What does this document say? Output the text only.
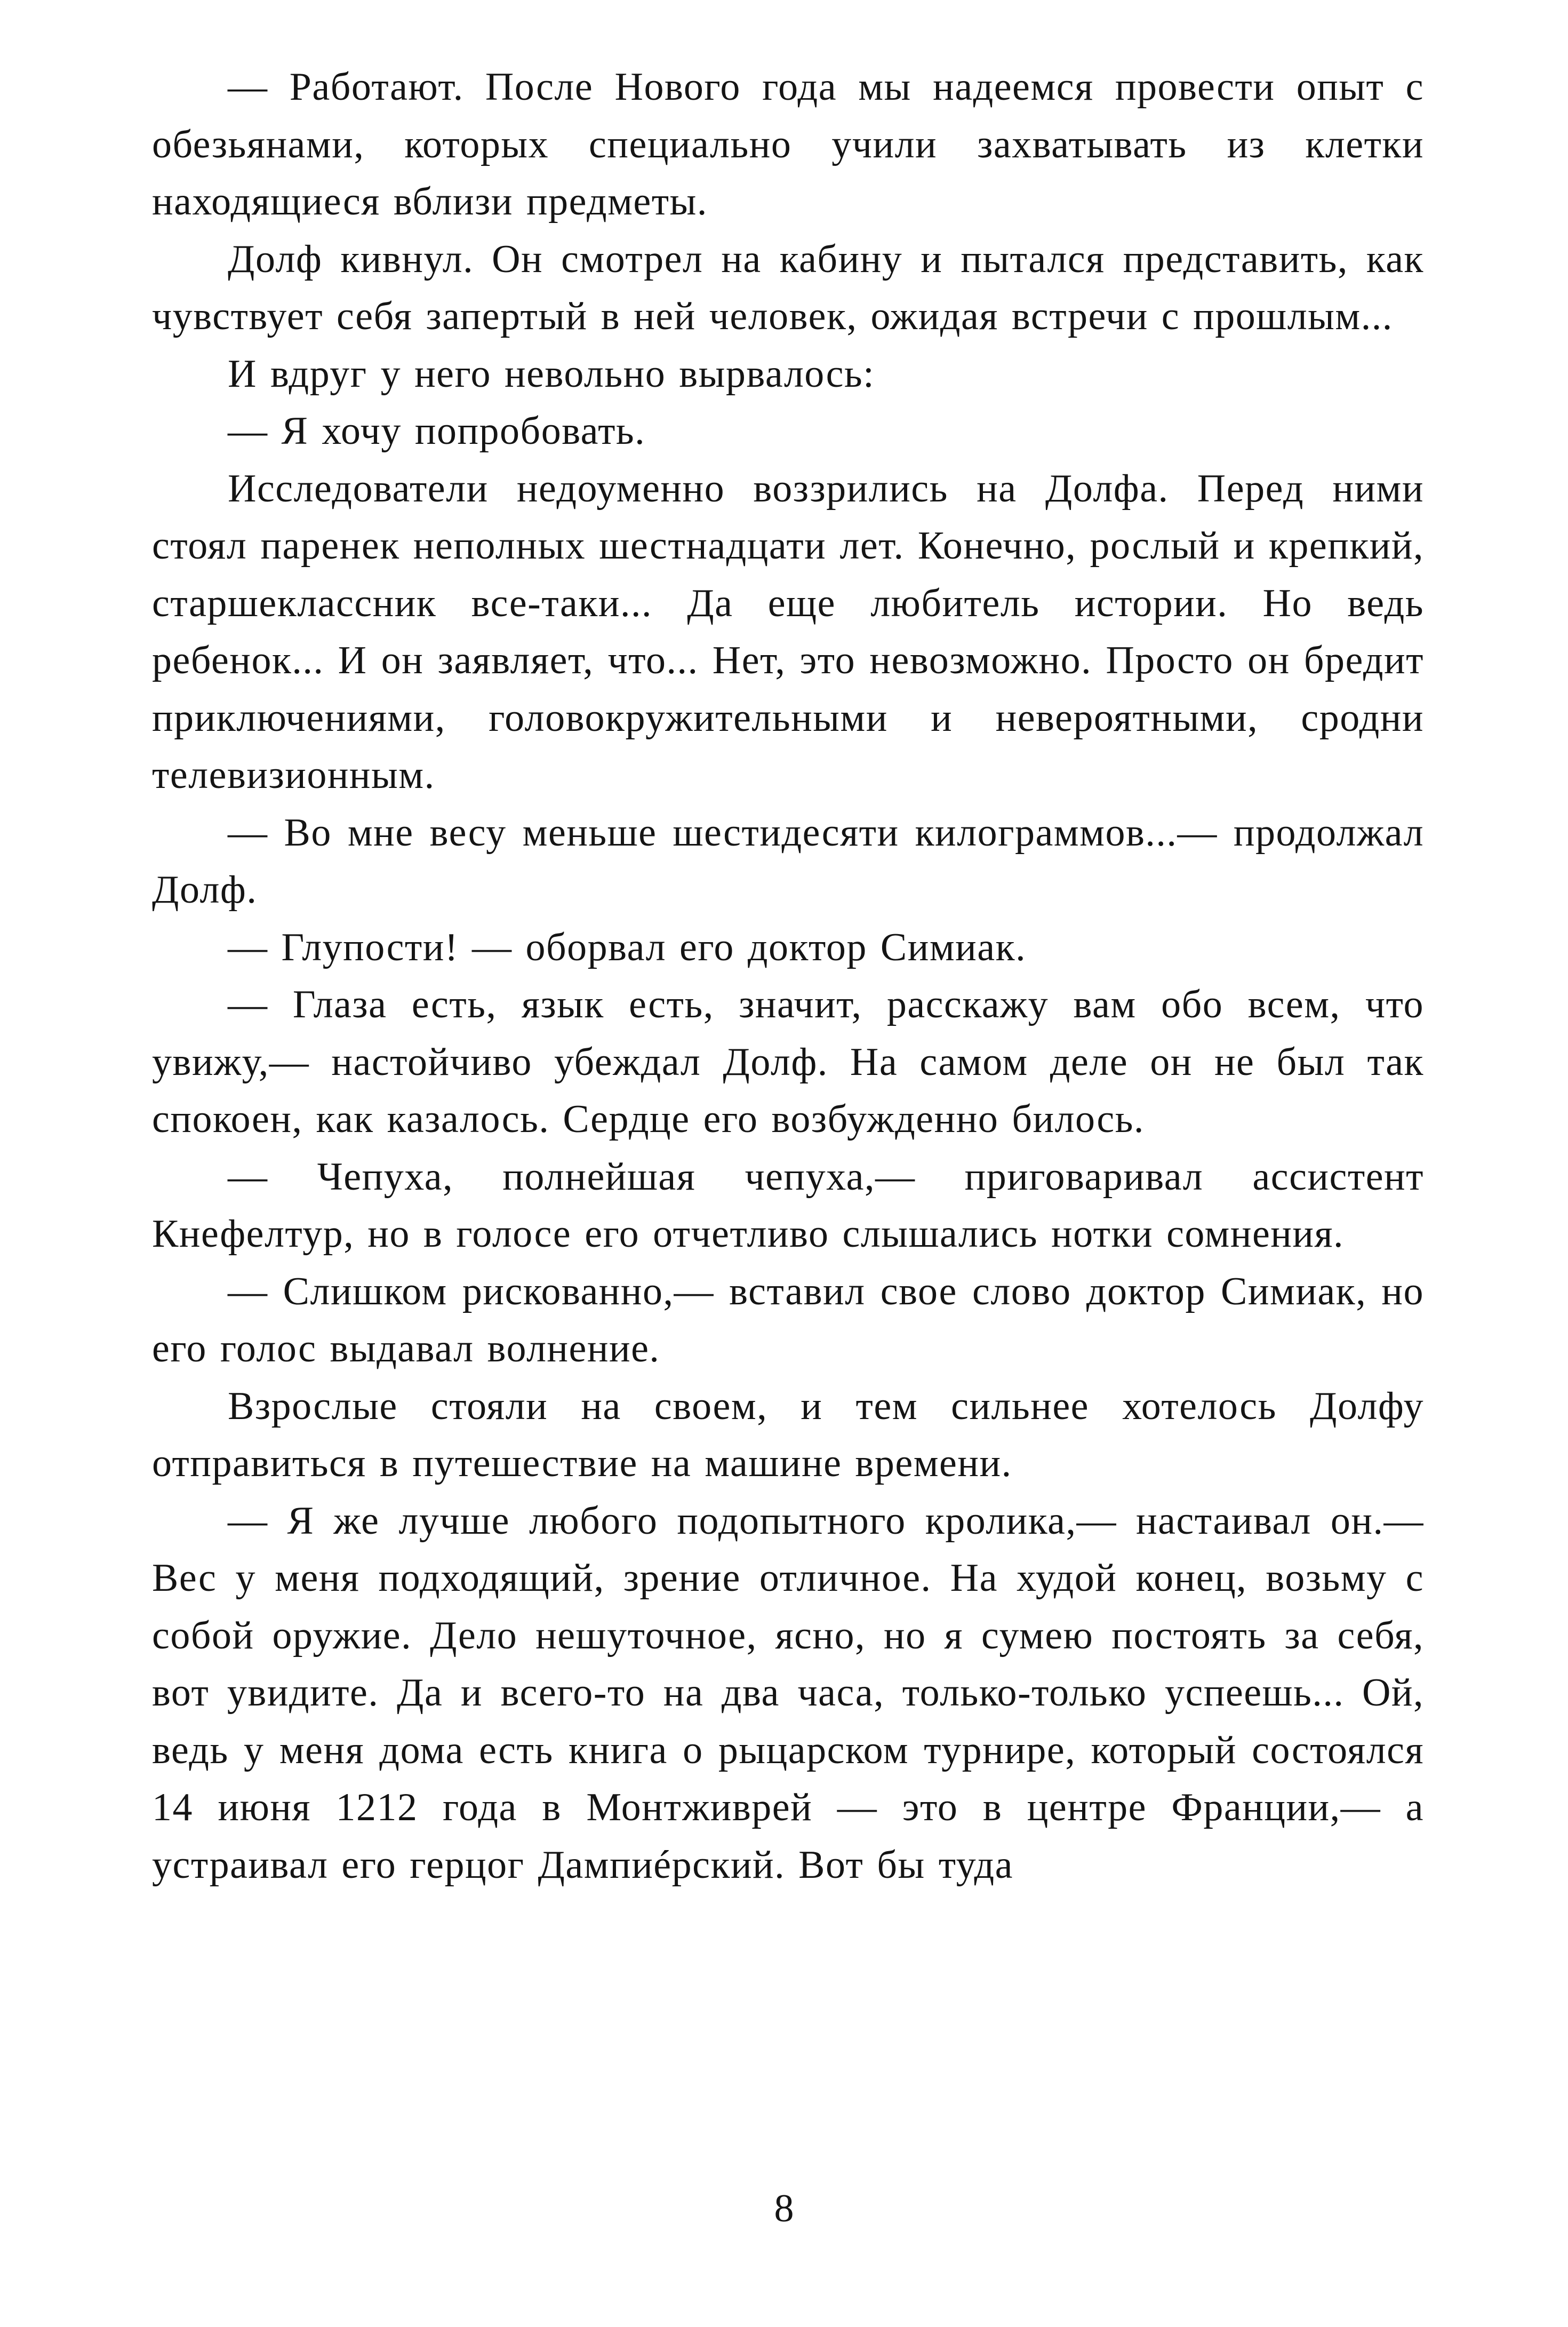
— Работают. После Нового года мы надеемся провести опыт с обезьянами, которых специально учили захватывать из клетки находящиеся вблизи предметы.

Долф кивнул. Он смотрел на кабину и пытался представить, как чувствует себя запертый в ней человек, ожидая встречи с прошлым...

И вдруг у него невольно вырвалось:

— Я хочу попробовать.

Исследователи недоуменно воззрились на Долфа. Перед ними стоял паренек неполных шестнадцати лет. Конечно, рослый и крепкий, старшеклассник все-таки... Да еще любитель истории. Но ведь ребенок... И он заявляет, что... Нет, это невозможно. Просто он бредит приключениями, головокружительными и невероятными, сродни телевизионным.

— Во мне весу меньше шестидесяти килограммов...— продолжал Долф.

— Глупости! — оборвал его доктор Симиак.

— Глаза есть, язык есть, значит, расскажу вам обо всем, что увижу,— настойчиво убеждал Долф. На самом деле он не был так спокоен, как казалось. Сердце его возбужденно билось.

— Чепуха, полнейшая чепуха,— приговаривал ассистент Кнефелтур, но в голосе его отчетливо слышались нотки сомнения.

— Слишком рискованно,— вставил свое слово доктор Симиак, но его голос выдавал волнение.

Взрослые стояли на своем, и тем сильнее хотелось Долфу отправиться в путешествие на машине времени.

— Я же лучше любого подопытного кролика,— настаивал он.— Вес у меня подходящий, зрение отличное. На худой конец, возьму с собой оружие. Дело нешуточное, ясно, но я сумею постоять за себя, вот увидите. Да и всего-то на два часа, только-только успеешь... Ой, ведь у меня дома есть книга о рыцарском турнире, который состоялся 14 июня 1212 года в Монтживрей — это в центре Франции,— а устраивал его герцог Дампиéрский. Вот бы туда

8
